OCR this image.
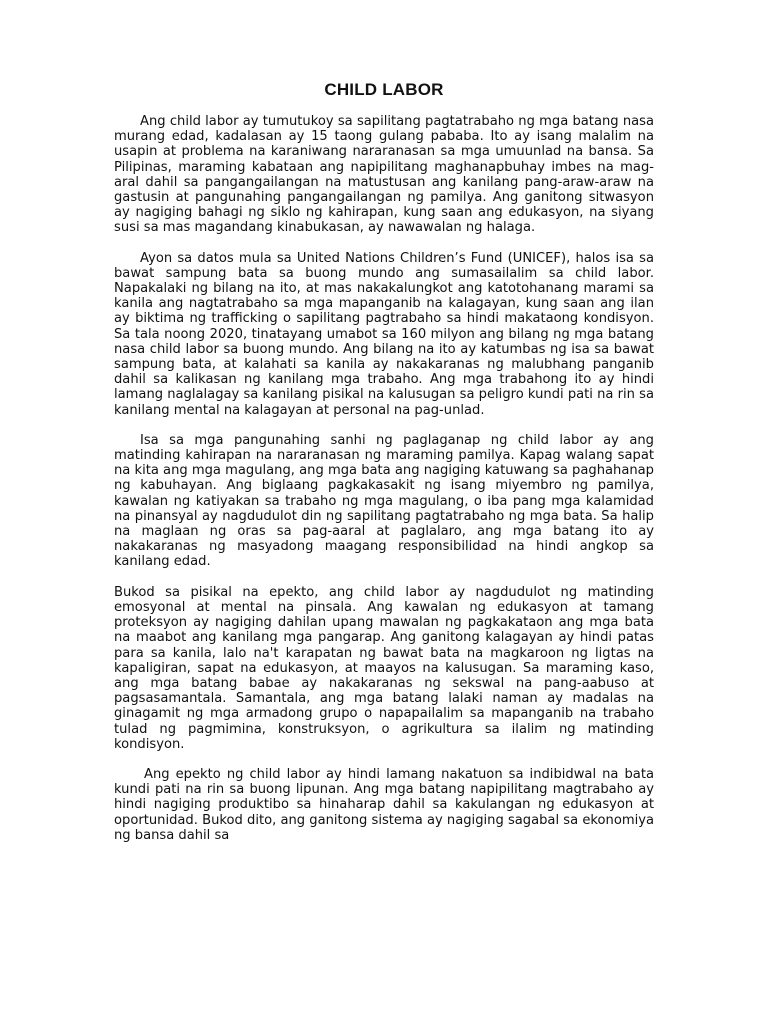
CHILD LABOR

Ang child labor ay tumutukoy sa sapilitang pagtatrabaho ng mga batang nasa murang edad, kadalasan ay 15 taong gulang pababa. Ito ay isang malalim na usapin at problema na karaniwang nararanasan sa mga umuunlad na bansa. Sa Pilipinas, maraming kabataan ang napipilitang maghanapbuhay imbes na mag-aral dahil sa pangangailangan na matustusan ang kanilang pang-araw-araw na gastusin at pangunahing pangangailangan ng pamilya. Ang ganitong sitwasyon ay nagiging bahagi ng siklo ng kahirapan, kung saan ang edukasyon, na siyang susi sa mas magandang kinabukasan, ay nawawalan ng halaga.

Ayon sa datos mula sa United Nations Children’s Fund (UNICEF), halos isa sa bawat sampung bata sa buong mundo ang sumasailalim sa child labor. Napakalaki ng bilang na ito, at mas nakakalungkot ang katotohanang marami sa kanila ang nagtatrabaho sa mga mapanganib na kalagayan, kung saan ang ilan ay biktima ng trafficking o sapilitang pagtrabaho sa hindi makataong kondisyon. Sa tala noong 2020, tinatayang umabot sa 160 milyon ang bilang ng mga batang nasa child labor sa buong mundo. Ang bilang na ito ay katumbas ng isa sa bawat sampung bata, at kalahati sa kanila ay nakakaranas ng malubhang panganib dahil sa kalikasan ng kanilang mga trabaho. Ang mga trabahong ito ay hindi lamang naglalagay sa kanilang pisikal na kalusugan sa peligro kundi pati na rin sa kanilang mental na kalagayan at personal na pag-unlad.

Isa sa mga pangunahing sanhi ng paglaganap ng child labor ay ang matinding kahirapan na nararanasan ng maraming pamilya. Kapag walang sapat na kita ang mga magulang, ang mga bata ang nagiging katuwang sa paghahanap ng kabuhayan. Ang biglaang pagkakasakit ng isang miyembro ng pamilya, kawalan ng katiyakan sa trabaho ng mga magulang, o iba pang mga kalamidad na pinansyal ay nagdudulot din ng sapilitang pagtatrabaho ng mga bata. Sa halip na maglaan ng oras sa pag-aaral at paglalaro, ang mga batang ito ay nakakaranas ng masyadong maagang responsibilidad na hindi angkop sa kanilang edad.

Bukod sa pisikal na epekto, ang child labor ay nagdudulot ng matinding emosyonal at mental na pinsala. Ang kawalan ng edukasyon at tamang proteksyon ay nagiging dahilan upang mawalan ng pagkakataon ang mga bata na maabot ang kanilang mga pangarap. Ang ganitong kalagayan ay hindi patas para sa kanila, lalo na't karapatan ng bawat bata na magkaroon ng ligtas na kapaligiran, sapat na edukasyon, at maayos na kalusugan. Sa maraming kaso, ang mga batang babae ay nakakaranas ng sekswal na pang-aabuso at pagsasamantala. Samantala, ang mga batang lalaki naman ay madalas na ginagamit ng mga armadong grupo o napapailalim sa mapanganib na trabaho tulad ng pagmimina, konstruksyon, o agrikultura sa ilalim ng matinding kondisyon.

Ang epekto ng child labor ay hindi lamang nakatuon sa indibidwal na bata kundi pati na rin sa buong lipunan. Ang mga batang napipilitang magtrabaho ay hindi nagiging produktibo sa hinaharap dahil sa kakulangan ng edukasyon at oportunidad. Bukod dito, ang ganitong sistema ay nagiging sagabal sa ekonomiya ng bansa dahil sa
